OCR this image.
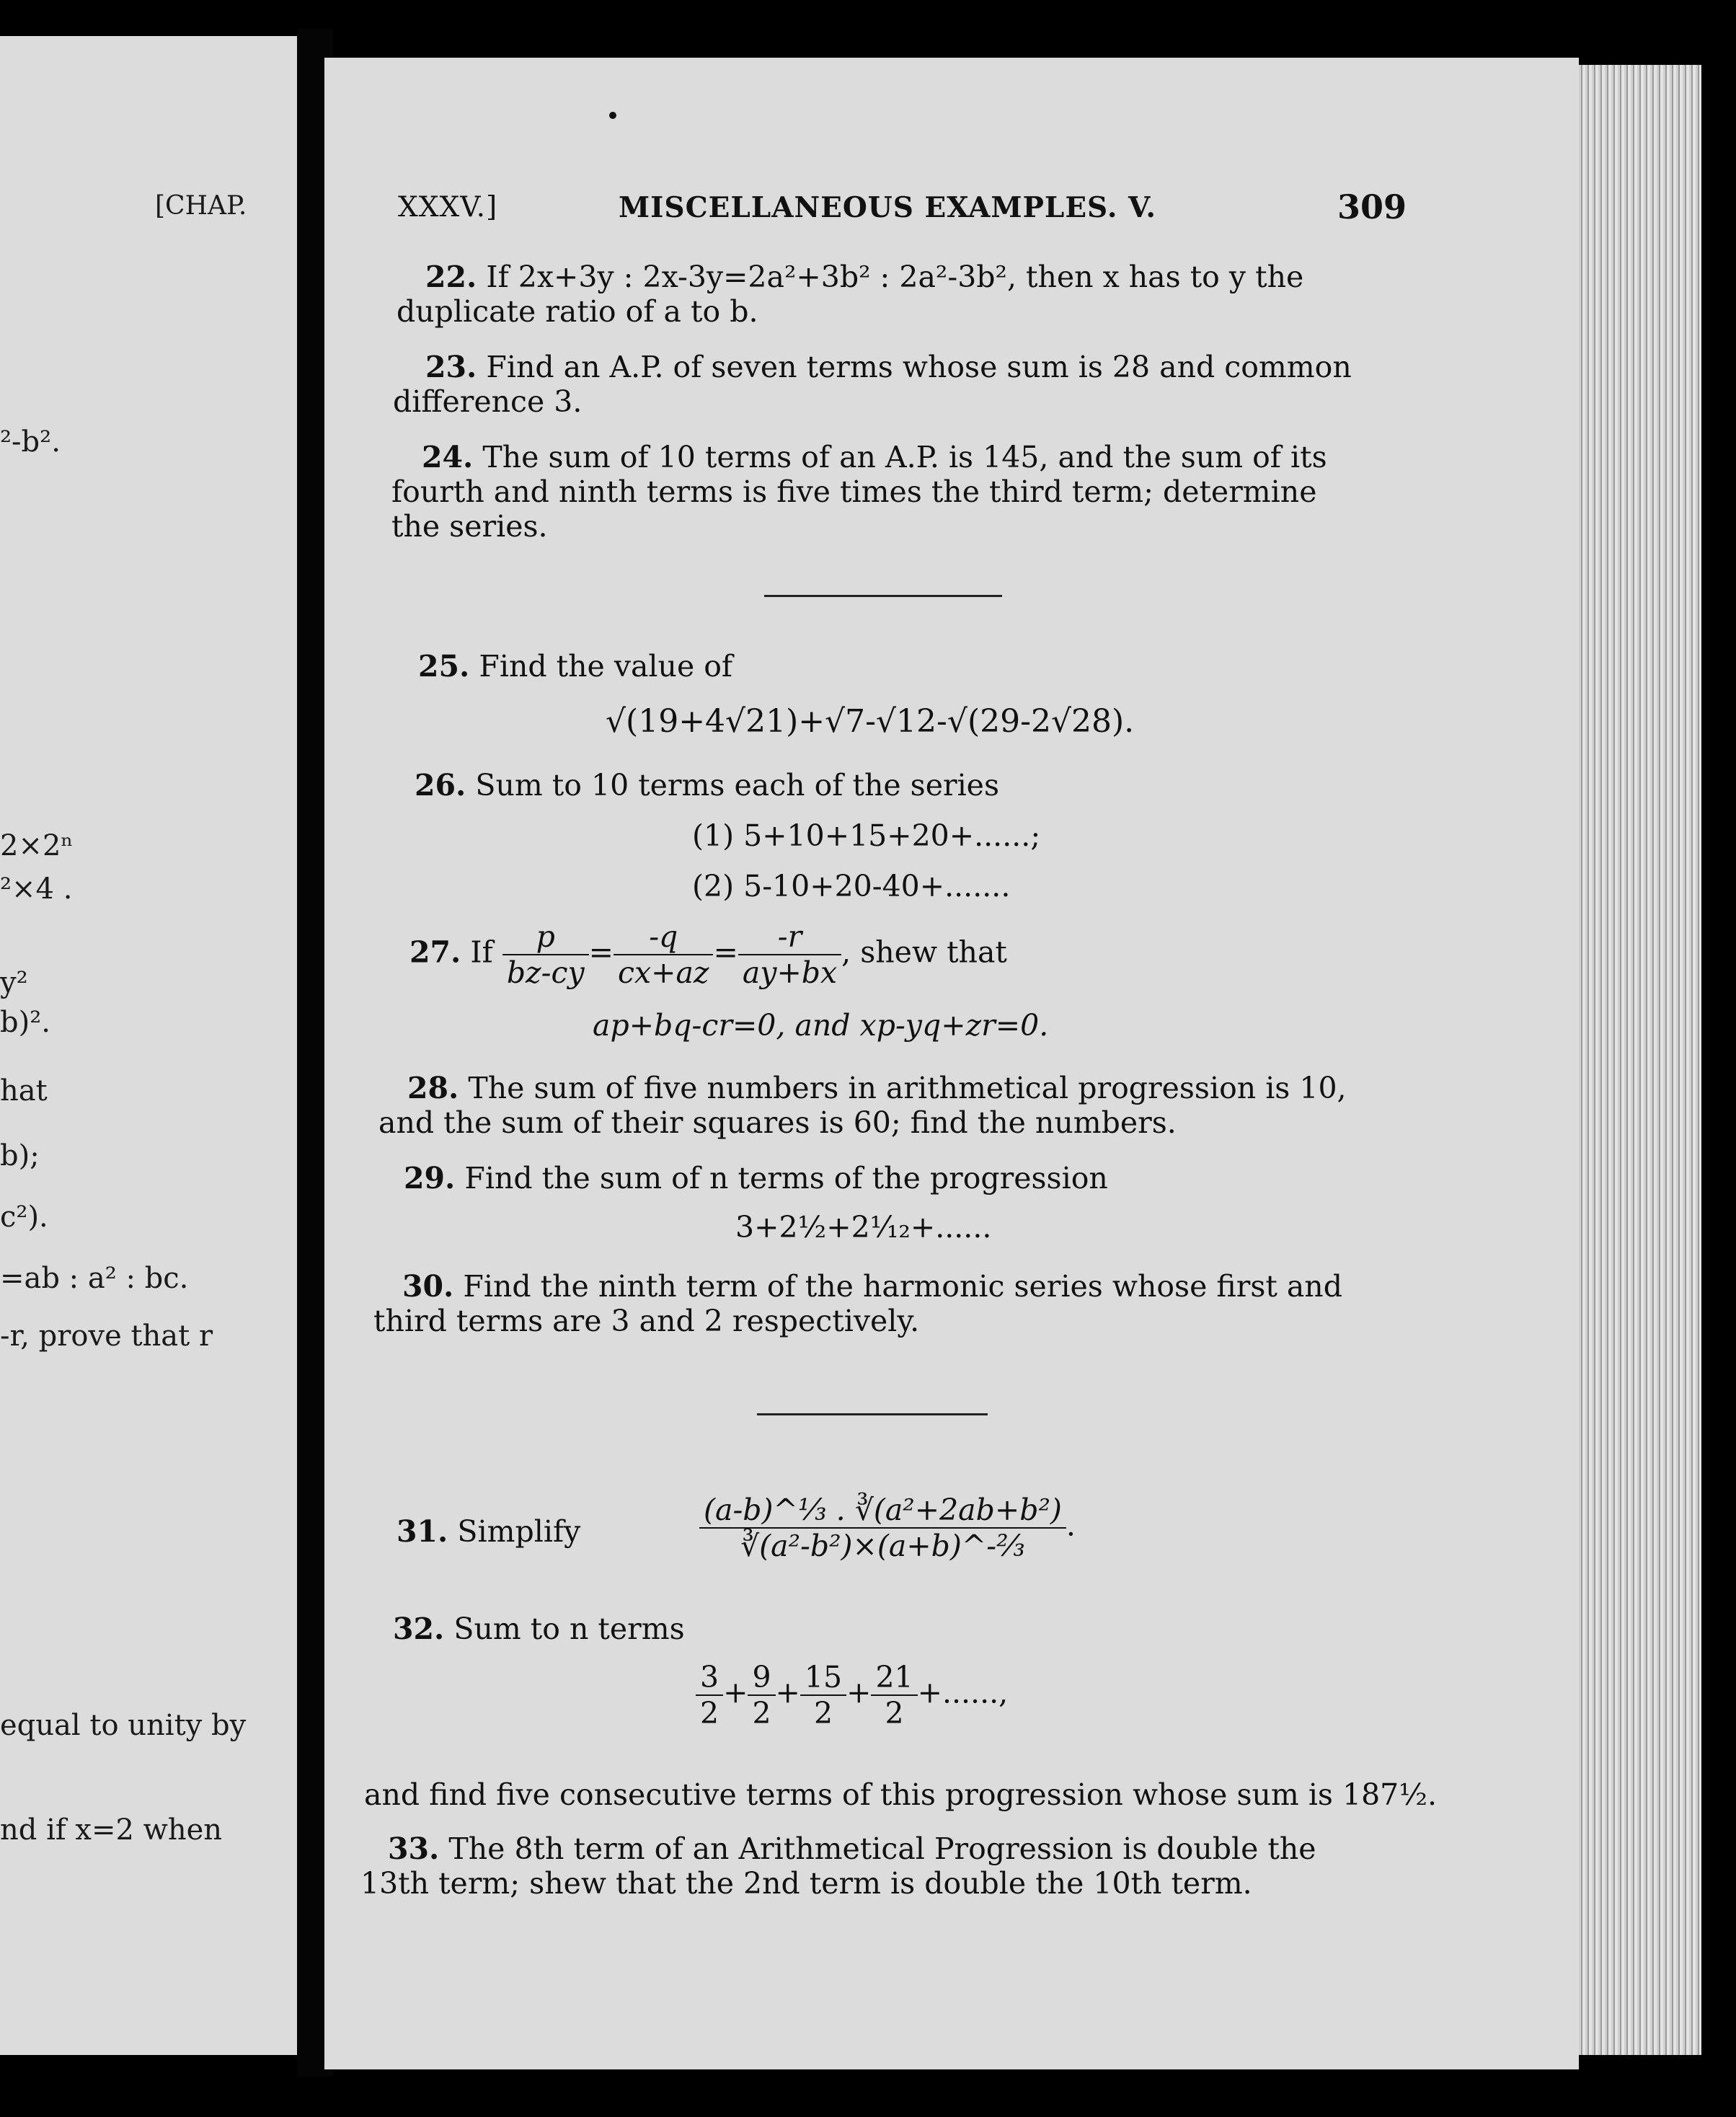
[CHAP.
²-b².
2×2ⁿ
²×4 .
y²
b)².
hat
b);
c²).
=ab : a² : bc.
-r, prove that r
equal to unity by
nd if x=2 when
XXXV.]	MISCELLANEOUS EXAMPLES. V.	309
22. If 2x+3y : 2x-3y=2a²+3b² : 2a²-3b², then x has to y the
duplicate ratio of a to b.
23. Find an A.P. of seven terms whose sum is 28 and common
difference 3.
24. The sum of 10 terms of an A.P. is 145, and the sum of its
fourth and ninth terms is five times the third term; determine
the series.
25. Find the value of
√(19+4√21)+√7-√12-√(29-2√28).
26. Sum to 10 terms each of the series
(1) 5+10+15+20+......;
(2) 5-10+20-40+.......
27. If $\frac{p}{bz-cy} = \frac{-q}{cx+az} = \frac{-r}{ay+bx}$ , shew that
ap+bq-cr=0, and xp-yq+zr=0.
28. The sum of five numbers in arithmetical progression is 10,
and the sum of their squares is 60; find the numbers.
29. Find the sum of n terms of the progression
3+2½+2¹⁄₁₂+......
30. Find the ninth term of the harmonic series whose first and
third terms are 3 and 2 respectively.
31. Simplify	$\frac{\text{(a-b)\textasciicircum{}⅓ . ∛(a²+2ab+b²)}}{\text{∛(a²-b²)×(a+b)\textasciicircum{}-⅔}}$ .
32. Sum to n terms
$\frac{3}{2} + \frac{9}{2} + \frac{15}{2} + \frac{21}{2}$ +......,
and find five consecutive terms of this progression whose sum is 187½.
33. The 8th term of an Arithmetical Progression is double the
13th term; shew that the 2nd term is double the 10th term.
